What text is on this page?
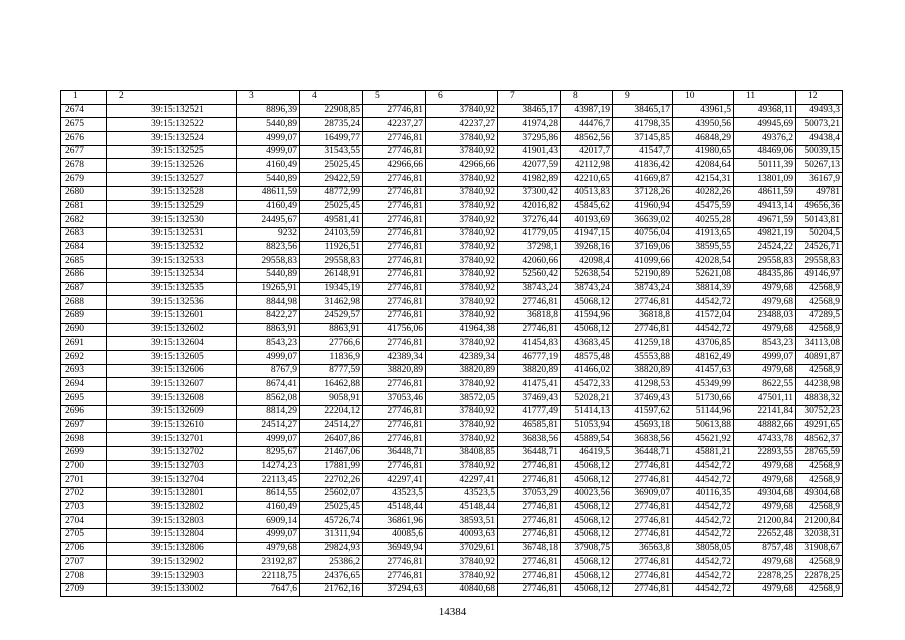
1	2	3	4	5	6	7	8	9	10	11	12
2674	39:15:132521	8896,39	22908,85	27746,81	37840,92	38465,17	43987,19	38465,17	43961,5	49368,11	49493,3
2675	39:15:132522	5440,89	28735,24	42237,27	42237,27	41974,28	44476,7	41798,35	43950,56	49945,69	50073,21
2676	39:15:132524	4999,07	16499,77	27746,81	37840,92	37295,86	48562,56	37145,85	46848,29	49376,2	49438,4
2677	39:15:132525	4999,07	31543,55	27746,81	37840,92	41901,43	42017,7	41547,7	41980,65	48469,06	50039,15
2678	39:15:132526	4160,49	25025,45	42966,66	42966,66	42077,59	42112,98	41836,42	42084,64	50111,39	50267,13
2679	39:15:132527	5440,89	29422,59	27746,81	37840,92	41982,89	42210,65	41669,87	42154,31	13801,09	36167,9
2680	39:15:132528	48611,59	48772,99	27746,81	37840,92	37300,42	40513,83	37128,26	40282,26	48611,59	49781
2681	39:15:132529	4160,49	25025,45	27746,81	37840,92	42016,82	45845,62	41960,94	45475,59	49413,14	49656,36
2682	39:15:132530	24495,67	49581,41	27746,81	37840,92	37276,44	40193,69	36639,02	40255,28	49671,59	50143,81
2683	39:15:132531	9232	24103,59	27746,81	37840,92	41779,05	41947,15	40756,04	41913,65	49821,19	50204,5
2684	39:15:132532	8823,56	11926,51	27746,81	37840,92	37298,1	39268,16	37169,06	38595,55	24524,22	24526,71
2685	39:15:132533	29558,83	29558,83	27746,81	37840,92	42060,66	42098,4	41099,66	42028,54	29558,83	29558,83
2686	39:15:132534	5440,89	26148,91	27746,81	37840,92	52560,42	52638,54	52190,89	52621,08	48435,86	49146,97
2687	39:15:132535	19265,91	19345,19	27746,81	37840,92	38743,24	38743,24	38743,24	38814,39	4979,68	42568,9
2688	39:15:132536	8844,98	31462,98	27746,81	37840,92	27746,81	45068,12	27746,81	44542,72	4979,68	42568,9
2689	39:15:132601	8422,27	24529,57	27746,81	37840,92	36818,8	41594,96	36818,8	41572,04	23488,03	47289,5
2690	39:15:132602	8863,91	8863,91	41756,06	41964,38	27746,81	45068,12	27746,81	44542,72	4979,68	42568,9
2691	39:15:132604	8543,23	27766,6	27746,81	37840,92	41454,83	43683,45	41259,18	43706,85	8543,23	34113,08
2692	39:15:132605	4999,07	11836,9	42389,34	42389,34	46777,19	48575,48	45553,88	48162,49	4999,07	40891,87
2693	39:15:132606	8767,9	8777,59	38820,89	38820,89	38820,89	41466,02	38820,89	41457,63	4979,68	42568,9
2694	39:15:132607	8674,41	16462,88	27746,81	37840,92	41475,41	45472,33	41298,53	45349,99	8622,55	44238,98
2695	39:15:132608	8562,08	9058,91	37053,46	38572,05	37469,43	52028,21	37469,43	51730,66	47501,11	48838,32
2696	39:15:132609	8814,29	22204,12	27746,81	37840,92	41777,49	51414,13	41597,62	51144,96	22141,84	30752,23
2697	39:15:132610	24514,27	24514,27	27746,81	37840,92	46585,81	51053,94	45693,18	50613,88	48882,66	49291,65
2698	39:15:132701	4999,07	26407,86	27746,81	37840,92	36838,56	45889,54	36838,56	45621,92	47433,78	48562,37
2699	39:15:132702	8295,67	21467,06	36448,71	38408,85	36448,71	46419,5	36448,71	45881,21	22893,55	28765,59
2700	39:15:132703	14274,23	17881,99	27746,81	37840,92	27746,81	45068,12	27746,81	44542,72	4979,68	42568,9
2701	39:15:132704	22113,45	22702,26	42297,41	42297,41	27746,81	45068,12	27746,81	44542,72	4979,68	42568,9
2702	39:15:132801	8614,55	25602,07	43523,5	43523,5	37053,29	40023,56	36909,07	40116,35	49304,68	49304,68
2703	39:15:132802	4160,49	25025,45	45148,44	45148,44	27746,81	45068,12	27746,81	44542,72	4979,68	42568,9
2704	39:15:132803	6909,14	45726,74	36861,96	38593,51	27746,81	45068,12	27746,81	44542,72	21200,84	21200,84
2705	39:15:132804	4999,07	31311,94	40085,6	40093,63	27746,81	45068,12	27746,81	44542,72	22652,48	32038,31
2706	39:15:132806	4979,68	29824,93	36949,94	37029,61	36748,18	37908,75	36563,8	38058,05	8757,48	31908,67
2707	39:15:132902	23192,87	25386,2	27746,81	37840,92	27746,81	45068,12	27746,81	44542,72	4979,68	42568,9
2708	39:15:132903	22118,75	24376,65	27746,81	37840,92	27746,81	45068,12	27746,81	44542,72	22878,25	22878,25
2709	39:15:133002	7647,6	21762,16	37294,63	40840,68	27746,81	45068,12	27746,81	44542,72	4979,68	42568,9
14384
